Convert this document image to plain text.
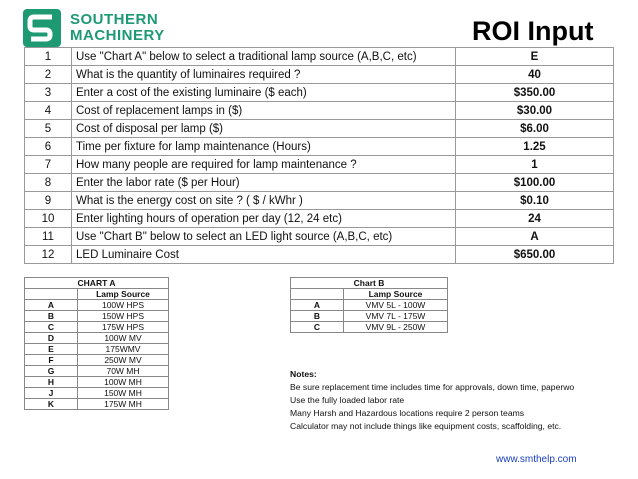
SOUTHERN
MACHINERY	ROI Input
1	Use "Chart A" below to select a traditional lamp source (A,B,C, etc)	E
2	What is the quantity of luminaires required ?	40
3	Enter a cost of the existing luminaire ($ each)	$350.00
4	Cost of replacement lamps in ($)	$30.00
5	Cost of disposal per lamp ($)	$6.00
6	Time per fixture for lamp maintenance (Hours)	1.25
7	How many people are required for lamp maintenance ?	1
8	Enter the labor rate ($ per Hour)	$100.00
9	What is the energy cost on site ? ( $ / kWhr )	$0.10
10	Enter lighting hours of operation per day (12, 24 etc)	24
11	Use "Chart B" below to select an LED light source (A,B,C, etc)	A
12	LED Luminaire Cost	$650.00
CHART A	
	Lamp Source
A	100W HPS
B	150W HPS
C	175W HPS
D	100W MV
E	175WMV
F	250W MV
G	70W MH
H	100W MH
J	150W MH
K	175W MH
Chart B	
	Lamp Source
A	VMV 5L - 100W
B	VMV 7L - 175W
C	VMV 9L - 250W
Notes:
Be sure replacement time includes time for approvals, down time, paperwo
Use the fully loaded labor rate
Many Harsh and Hazardous locations require 2 person teams
Calculator may not include things like equipment costs, scaffolding, etc.
www.smthelp.com
